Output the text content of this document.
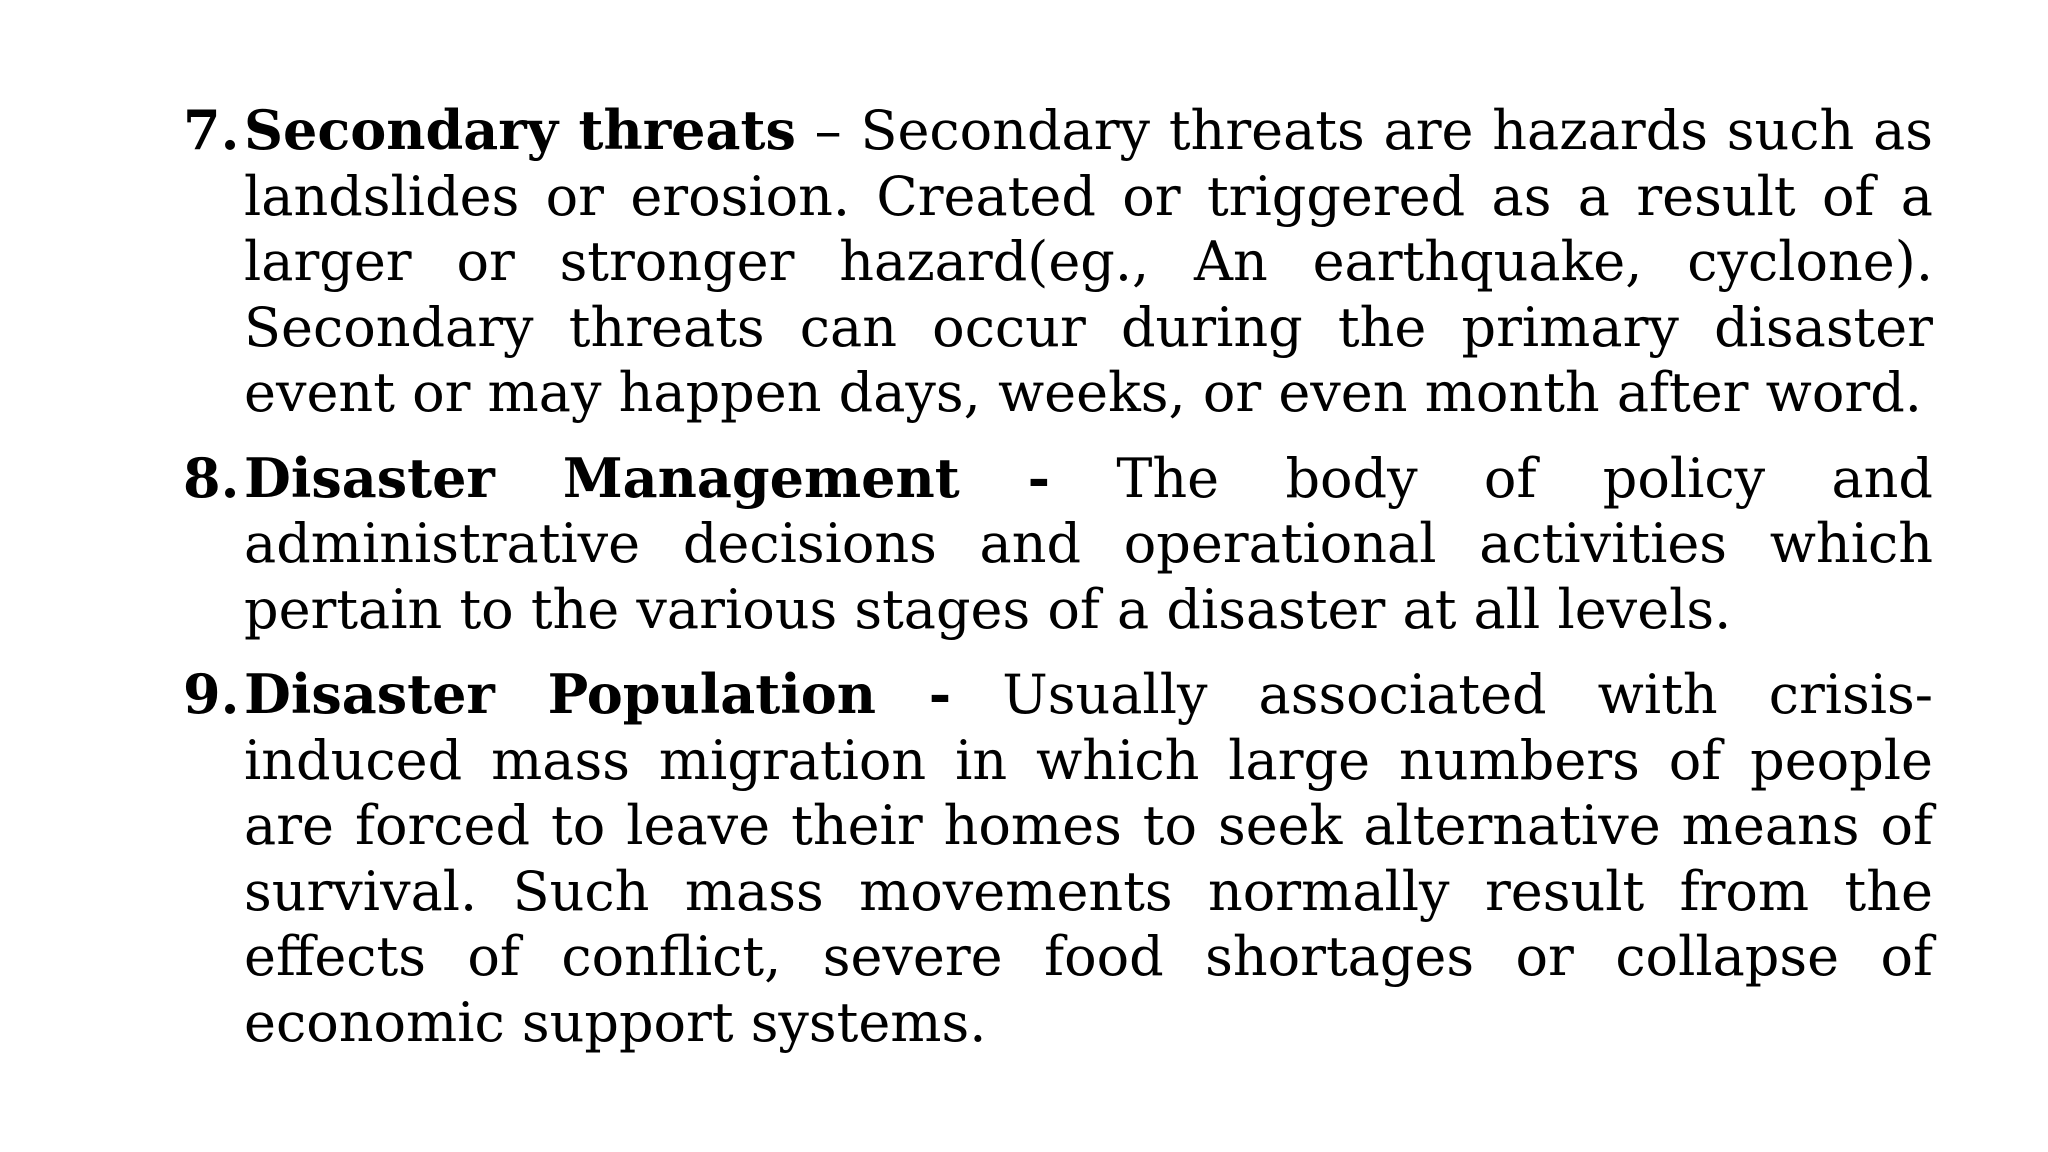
7. Secondary threats – Secondary threats are hazards such as landslides or erosion. Created or triggered as a result of a larger or stronger hazard(eg., An earthquake, cyclone). Secondary threats can occur during the primary disaster event or may happen days, weeks, or even month after word.
8. Disaster Management - The body of policy and administrative decisions and operational activities which pertain to the various stages of a disaster at all levels.
9. Disaster Population - Usually associated with crisis-induced mass migration in which large numbers of people are forced to leave their homes to seek alternative means of survival. Such mass movements normally result from the effects of conflict, severe food shortages or collapse of economic support systems.
